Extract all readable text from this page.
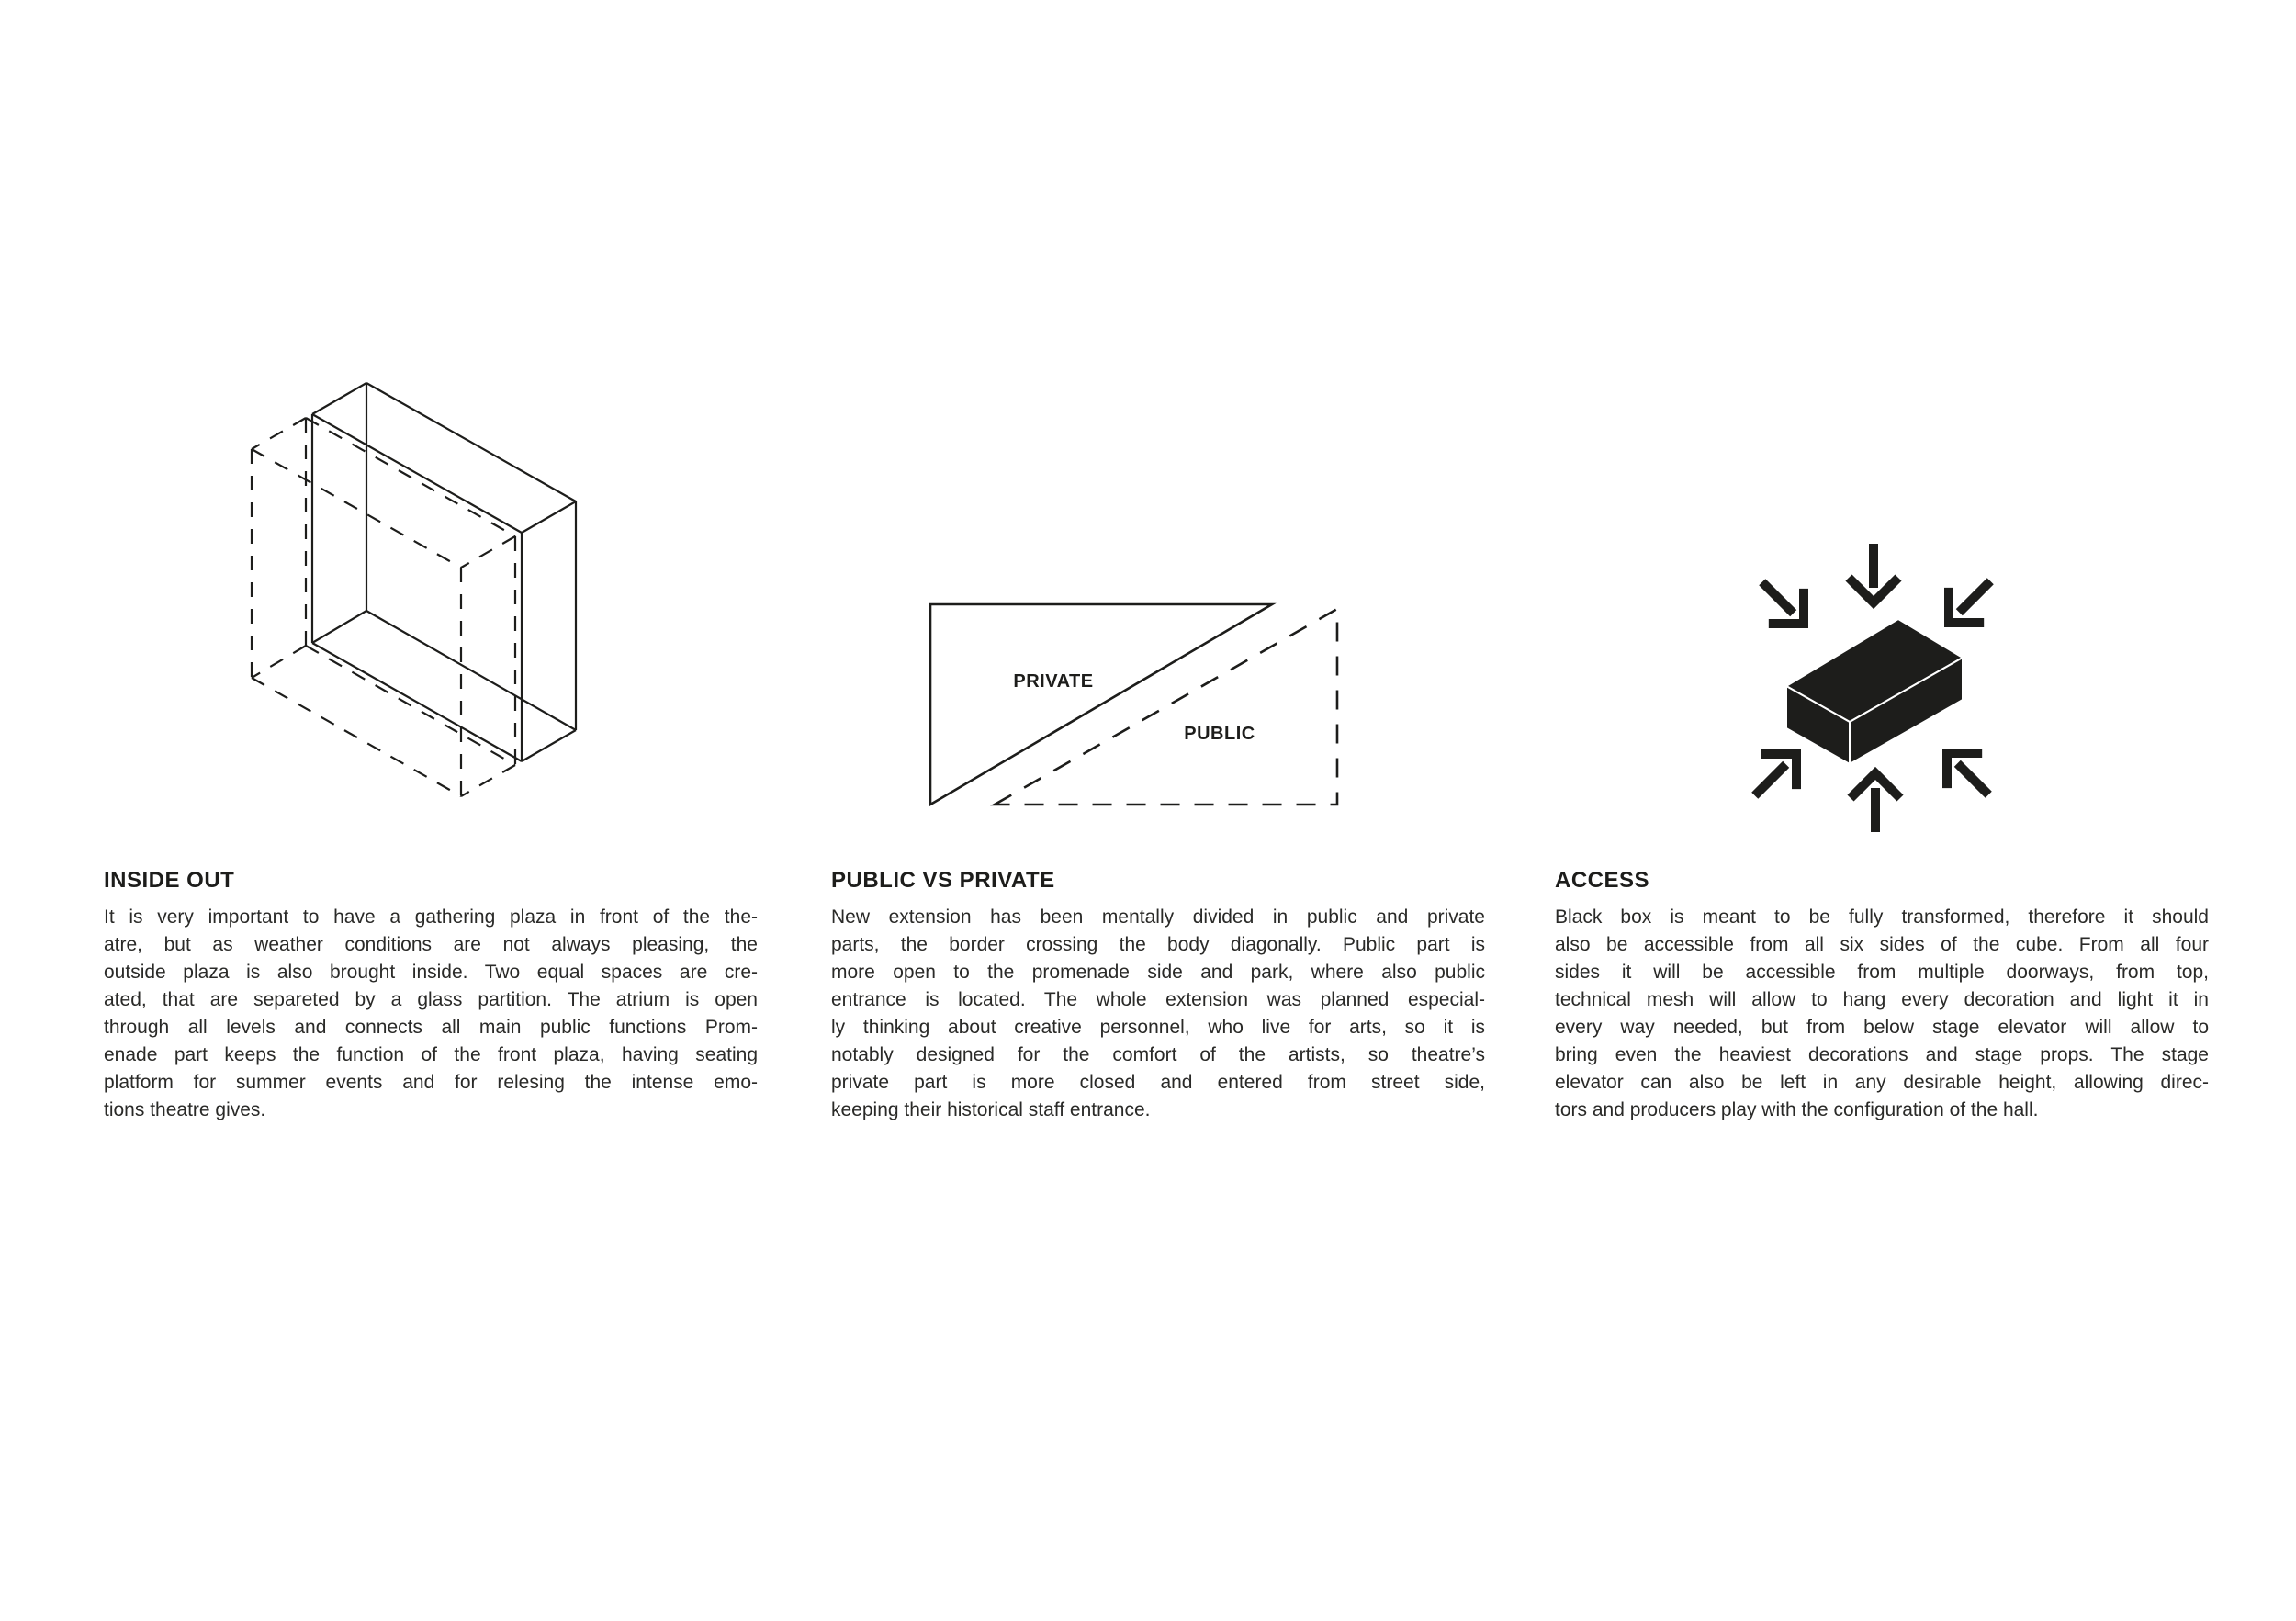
PRIVATE
PUBLIC
INSIDE OUT
It is very important to have a gathering plaza in front of the the-
atre, but as weather conditions are not always pleasing, the
outside plaza is also brought inside. Two equal spaces are cre-
ated, that are separeted by a glass partition. The atrium is open
through all levels and connects all main public functions Prom-
enade part keeps the function of the front plaza, having seating
platform for summer events and for relesing the intense emo-
tions theatre gives.
PUBLIC VS PRIVATE
New extension has been mentally divided in public and private
parts, the border crossing the body diagonally. Public part is
more open to the promenade side and park, where also public
entrance is located. The whole extension was planned especial-
ly thinking about creative personnel, who live for arts, so it is
notably designed for the comfort of the artists, so theatre’s
private part is more closed and entered from street side,
keeping their historical staff entrance.
ACCESS
Black box is meant to be fully transformed, therefore it should
also be accessible from all six sides of the cube. From all four
sides it will be accessible from multiple doorways, from top,
technical mesh will allow to hang every decoration and light it in
every way needed, but from below stage elevator will allow to
bring even the heaviest decorations and stage props. The stage
elevator can also be left in any desirable height, allowing direc-
tors and producers play with the configuration of the hall.
